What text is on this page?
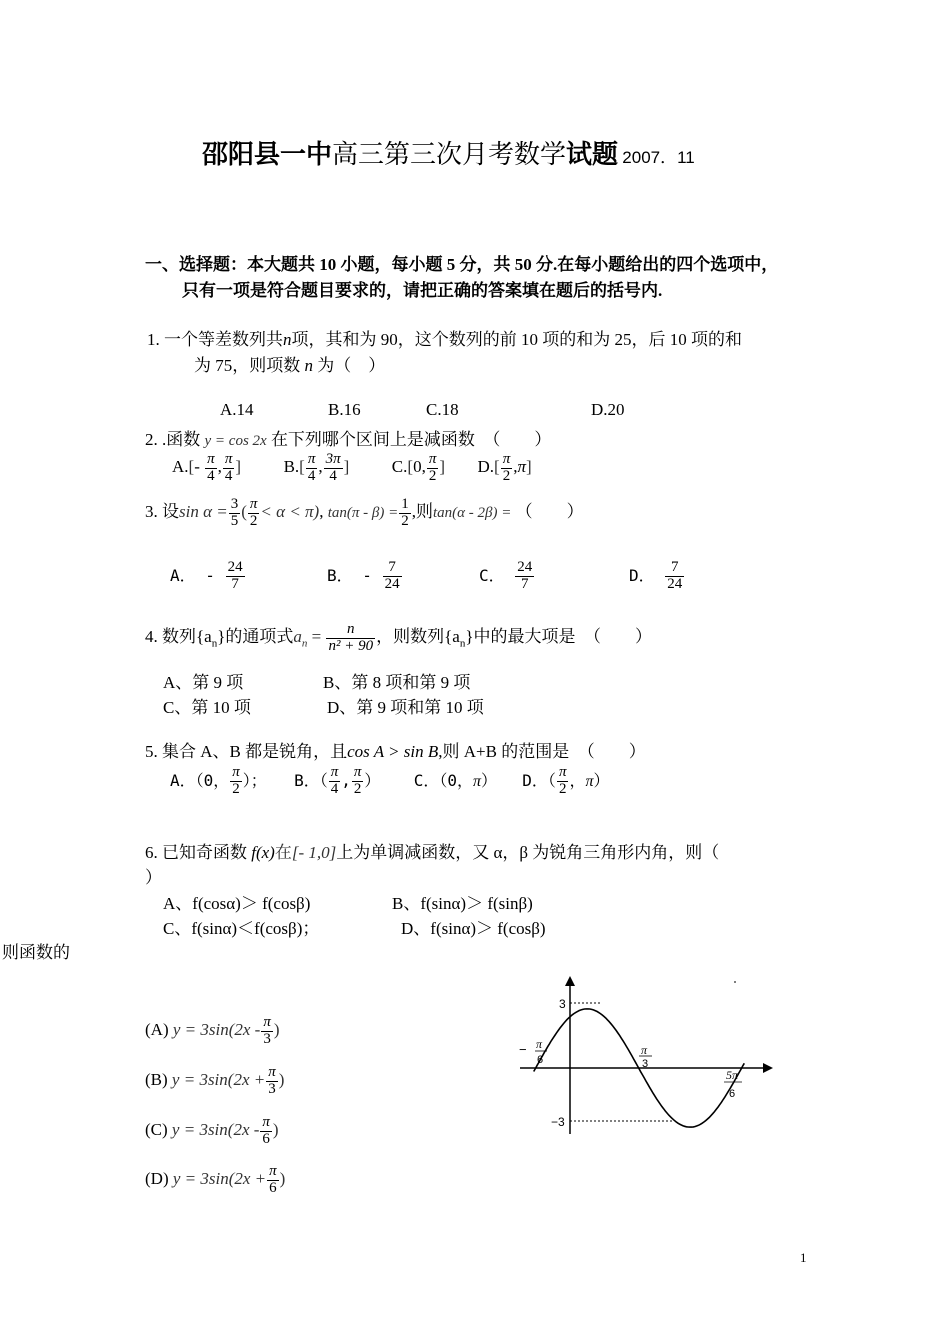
邵阳县一中高三第三次月考数学试题 2007．11
一、选择题：本大题共 10 小题，每小题 5 分，共 50 分.在每小题给出的四个选项中，
只有一项是符合题目要求的，请把正确的答案填在题后的括号内.
1. 一个等差数列共n项，其和为 90，这个数列的前 10 项的和为 25，后 10 项的和
为 75，则项数 n 为（　）
A.14	B.16	C.18	D.20
2. .函数 y = cos 2x 在下列哪个区间上是减函数　（　　）
$A.[- \frac{\pi}{4}$ , $\frac{\pi}{4}$ ]	$B.[ \frac{\pi}{4}$ , $\frac{3\pi}{4}$ ]	C.[0, $\frac{\pi}{2}$ ] $D.[ \frac{\pi}{2} ,\pi]$
3. 设$\sin \alpha = \frac{3}{5}$ ( $\frac{\pi}{2} < \alpha < \pi$), $\tan(\pi - \beta) = \frac{1}{2}$ ,则tan(α - 2β) = （　　）
A． - $\frac{24}{7}$	B． - $\frac{7}{24}$	C． $\frac{24}{7}$	D． $\frac{7}{24}$
4. 数列$\{a_n\}$的通项式$a_n = \frac{n}{\text{n² + 90}}$ ，则数列$\{a_n\}$中的最大项是　（　　）
A、第 9 项	B、第 8 项和第 9 项
C、第 10 项	D、第 9 项和第 10 项
5. 集合 A、B 都是锐角，且cos A > sin B,则 A+B 的范围是　（　　）
A．（0， $\frac{\pi}{2}$ ）； B．（ $\frac{\pi}{4}$ , $\frac{\pi}{2}$ ） C．（0，π） D．（ $\frac{\pi}{2}$ ，π）
6. 已知奇函数 f(x)在[- 1,0]上为单调减函数，又 α，β 为锐角三角形内角，则（
）
A、f(cosα)＞ f(cosβ)	B、f(sinα)＞ f(sinβ)
C、f(sinα)＜f(cosβ)；	D、f(sinα)＞ f(cosβ)
则函数的
(A) $y = 3\sin(2x - \frac{\pi}{3}$ )
(B) $y = 3\sin(2x + \frac{\pi}{3}$ )
(C) $y = 3\sin(2x - \frac{\pi}{6}$ )
(D) $y = 3\sin(2x + \frac{\pi}{6}$ )
3
−3
− π
6
π
3
5π
6
1
